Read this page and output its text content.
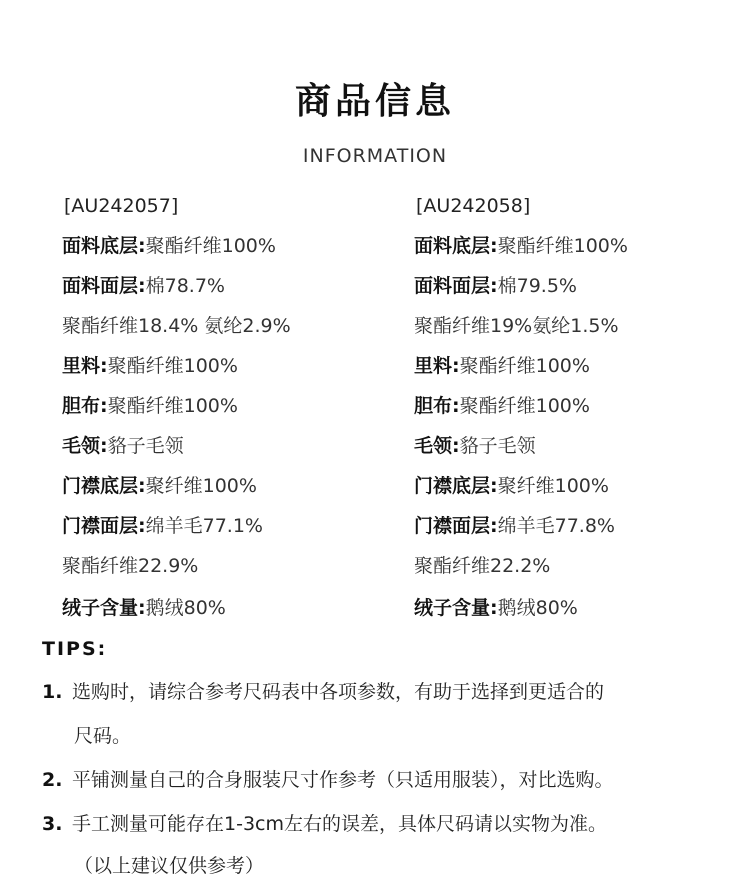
商品信息
INFORMATION
[AU242057]
面料底层:聚酯纤维100%
面料面层:棉78.7%
聚酯纤维18.4% 氨纶2.9%
里料:聚酯纤维100%
胆布:聚酯纤维100%
毛领:貉子毛领
门襟底层:聚纤维100%
门襟面层:绵羊毛77.1%
聚酯纤维22.9%
绒子含量:鹅绒80%
[AU242058]
面料底层:聚酯纤维100%
面料面层:棉79.5%
聚酯纤维19%氨纶1.5%
里料:聚酯纤维100%
胆布:聚酯纤维100%
毛领:貉子毛领
门襟底层:聚纤维100%
门襟面层:绵羊毛77.8%
聚酯纤维22.2%
绒子含量:鹅绒80%
TIPS:
1. 选购时，请综合参考尺码表中各项参数，有助于选择到更适合的
尺码。
2. 平铺测量自己的合身服装尺寸作参考（只适用服装），对比选购。
3. 手工测量可能存在1-3cm左右的误差，具体尺码请以实物为准。
（以上建议仅供参考）
